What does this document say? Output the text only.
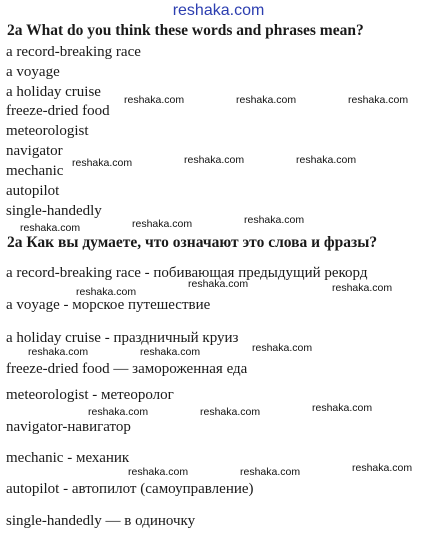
reshaka.com
2a What do you think these words and phrases mean?
a record-breaking race
a voyage
a holiday cruise
freeze-dried food
meteorologist
navigator
mechanic
autopilot
single-handedly
2a Как вы думаете, что означают это слова и фразы?
a record-breaking race - побивающая предыдущий рекорд
a voyage - морское путешествие
a holiday cruise - праздничный круиз
freeze-dried food — замороженная еда
meteorologist - метеоролог
navigator-навигатор
mechanic - механик
autopilot - автопилот (самоуправление)
single-handedly — в одиночку
reshaka.com	reshaka.com	reshaka.com
reshaka.com	reshaka.com	reshaka.com
reshaka.com	reshaka.com	reshaka.com
reshaka.com
reshaka.com	reshaka.com
reshaka.com	reshaka.com	reshaka.com
reshaka.com	reshaka.com	reshaka.com
reshaka.com	reshaka.com	reshaka.com
